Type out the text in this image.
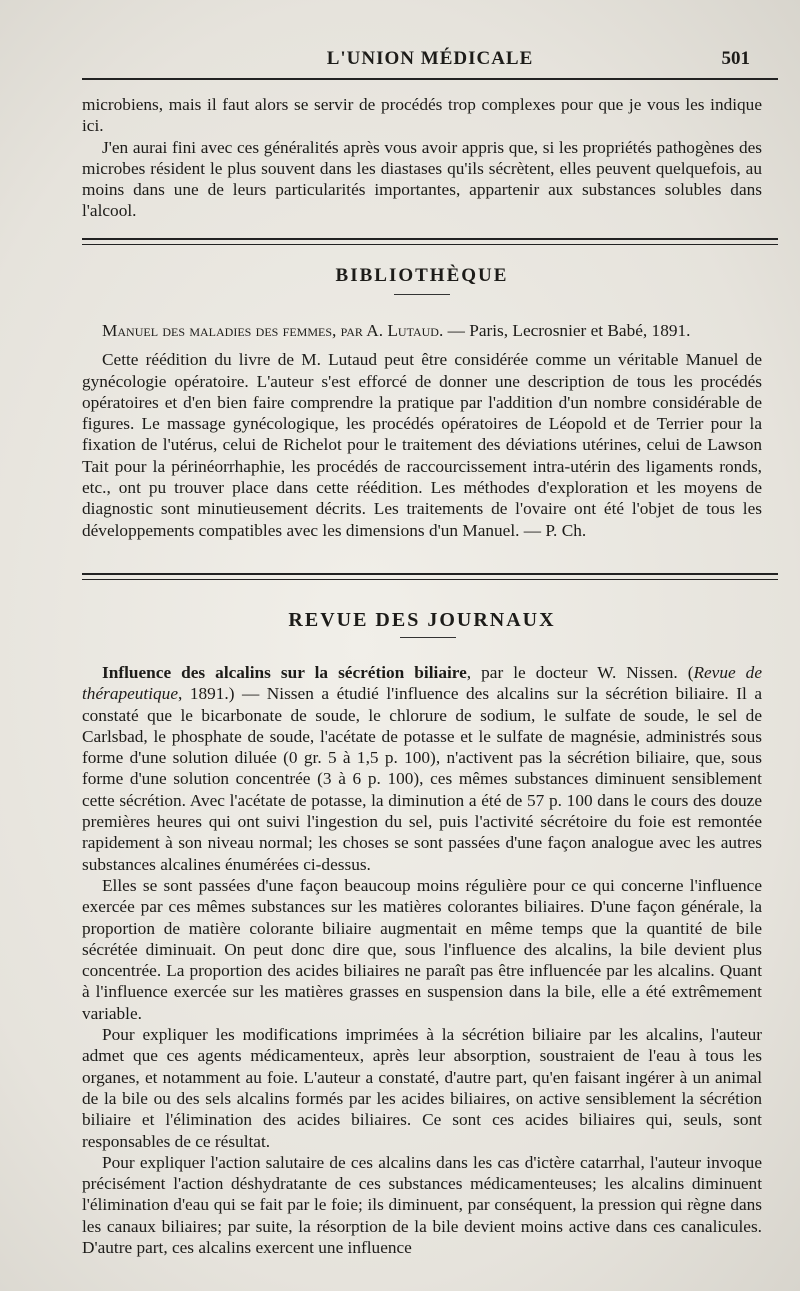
L'UNION MÉDICALE	501

microbiens, mais il faut alors se servir de procédés trop complexes pour que je vous les indique ici.

J'en aurai fini avec ces généralités après vous avoir appris que, si les propriétés pathogènes des microbes résident le plus souvent dans les diastases qu'ils sécrètent, elles peuvent quelquefois, au moins dans une de leurs particularités importantes, appartenir aux substances solubles dans l'alcool.

BIBLIOTHÈQUE

Manuel des maladies des femmes, par A. Lutaud. — Paris, Lecrosnier et Babé, 1891.

Cette réédition du livre de M. Lutaud peut être considérée comme un véritable Manuel de gynécologie opératoire. L'auteur s'est efforcé de donner une description de tous les procédés opératoires et d'en bien faire comprendre la pratique par l'addition d'un nombre considérable de figures. Le massage gynécologique, les procédés opératoires de Léopold et de Terrier pour la fixation de l'utérus, celui de Richelot pour le traitement des déviations utérines, celui de Lawson Tait pour la périnéorrhaphie, les procédés de raccourcissement intra-utérin des ligaments ronds, etc., ont pu trouver place dans cette réédition. Les méthodes d'exploration et les moyens de diagnostic sont minutieusement décrits. Les traitements de l'ovaire ont été l'objet de tous les développements compatibles avec les dimensions d'un Manuel. — P. Ch.

REVUE DES JOURNAUX

Influence des alcalins sur la sécrétion biliaire, par le docteur W. Nissen. (Revue de thérapeutique, 1891.) — Nissen a étudié l'influence des alcalins sur la sécrétion biliaire. Il a constaté que le bicarbonate de soude, le chlorure de sodium, le sulfate de soude, le sel de Carlsbad, le phosphate de soude, l'acétate de potasse et le sulfate de magnésie, administrés sous forme d'une solution diluée (0 gr. 5 à 1,5 p. 100), n'activent pas la sécrétion biliaire, que, sous forme d'une solution concentrée (3 à 6 p. 100), ces mêmes substances diminuent sensiblement cette sécrétion. Avec l'acétate de potasse, la diminution a été de 57 p. 100 dans le cours des douze premières heures qui ont suivi l'ingestion du sel, puis l'activité sécrétoire du foie est remontée rapidement à son niveau normal; les choses se sont passées d'une façon analogue avec les autres substances alcalines énumérées ci-dessus.

Elles se sont passées d'une façon beaucoup moins régulière pour ce qui concerne l'influence exercée par ces mêmes substances sur les matières colorantes biliaires. D'une façon générale, la proportion de matière colorante biliaire augmentait en même temps que la quantité de bile sécrétée diminuait. On peut donc dire que, sous l'influence des alcalins, la bile devient plus concentrée. La proportion des acides biliaires ne paraît pas être influencée par les alcalins. Quant à l'influence exercée sur les matières grasses en suspension dans la bile, elle a été extrêmement variable.

Pour expliquer les modifications imprimées à la sécrétion biliaire par les alcalins, l'auteur admet que ces agents médicamenteux, après leur absorption, soustraient de l'eau à tous les organes, et notamment au foie. L'auteur a constaté, d'autre part, qu'en faisant ingérer à un animal de la bile ou des sels alcalins formés par les acides biliaires, on active sensiblement la sécrétion biliaire et l'élimination des acides biliaires. Ce sont ces acides biliaires qui, seuls, sont responsables de ce résultat.

Pour expliquer l'action salutaire de ces alcalins dans les cas d'ictère catarrhal, l'auteur invoque précisément l'action déshydratante de ces substances médicamenteuses; les alcalins diminuent l'élimination d'eau qui se fait par le foie; ils diminuent, par conséquent, la pression qui règne dans les canaux biliaires; par suite, la résorption de la bile devient moins active dans ces canalicules. D'autre part, ces alcalins exercent une influence
